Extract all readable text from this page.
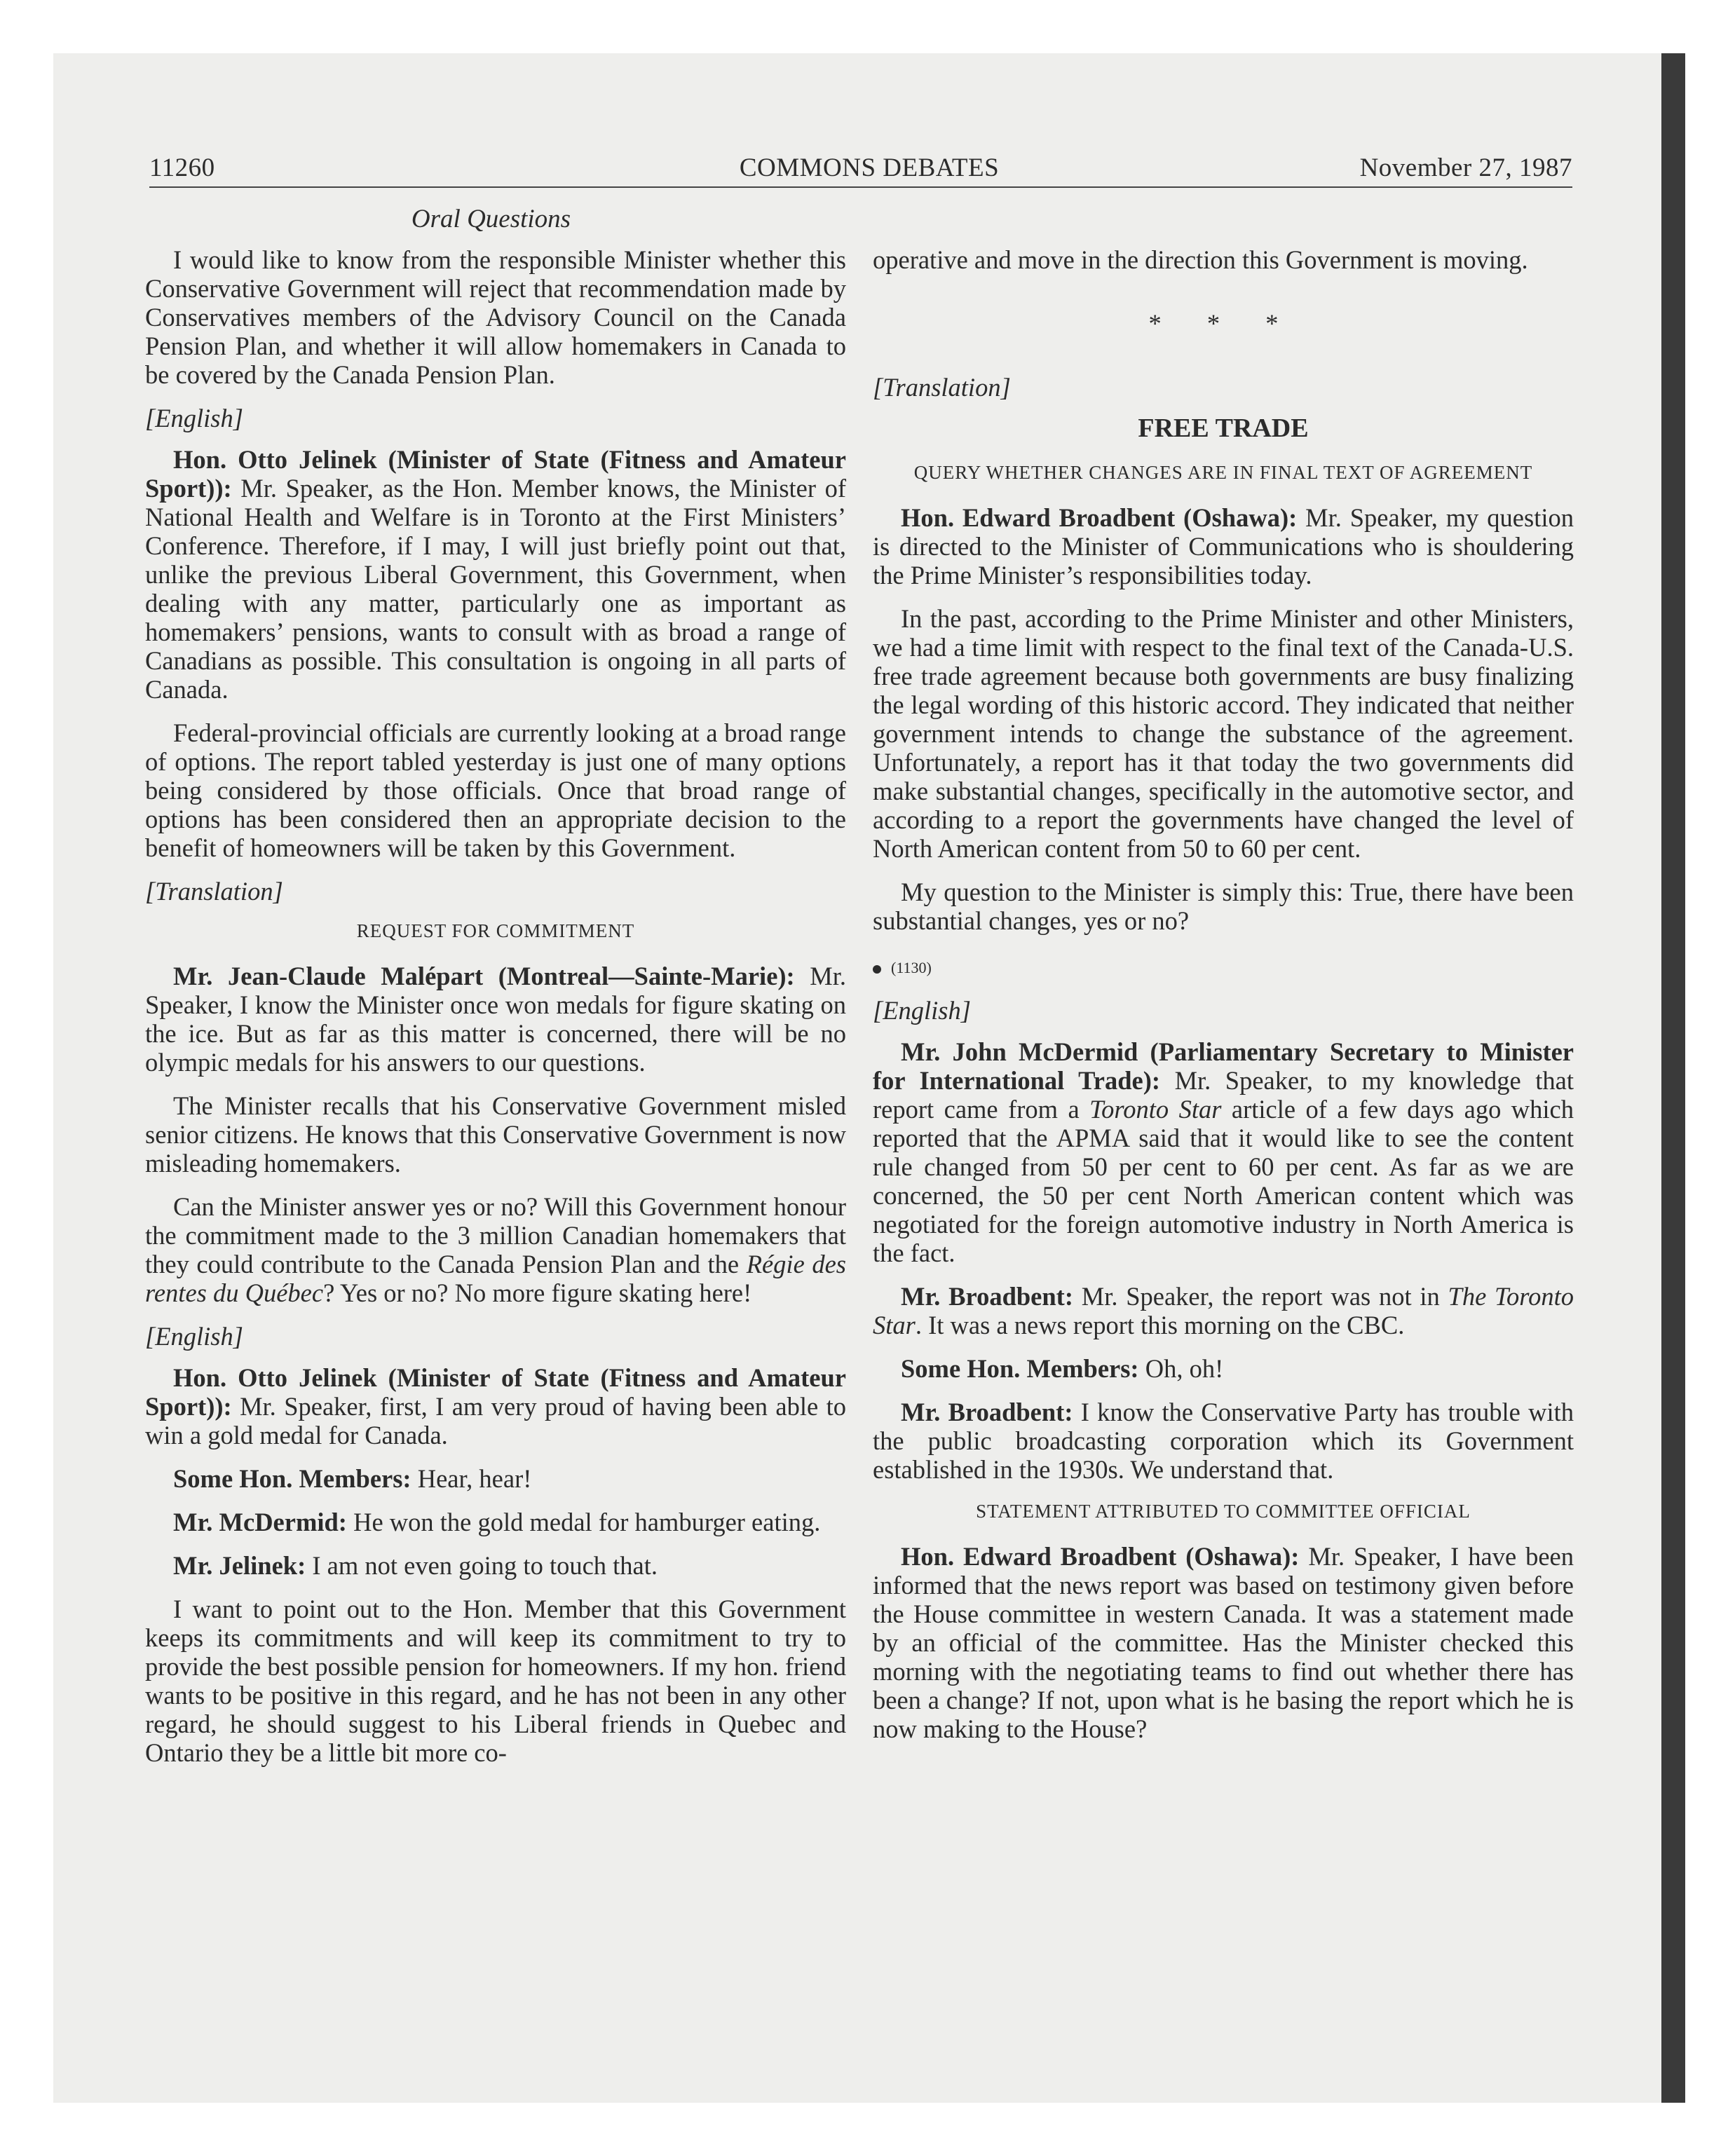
11260	COMMONS DEBATES	November 27, 1987
Oral Questions

I would like to know from the responsible Minister whether this Conservative Government will reject that recommendation made by Conservatives members of the Advisory Council on the Canada Pension Plan, and whether it will allow homemakers in Canada to be covered by the Canada Pension Plan.

[English]

Hon. Otto Jelinek (Minister of State (Fitness and Amateur Sport)): Mr. Speaker, as the Hon. Member knows, the Minister of National Health and Welfare is in Toronto at the First Ministers’ Conference. Therefore, if I may, I will just briefly point out that, unlike the previous Liberal Government, this Government, when dealing with any matter, particularly one as important as homemakers’ pensions, wants to consult with as broad a range of Canadians as possible. This consultation is ongoing in all parts of Canada.

Federal-provincial officials are currently looking at a broad range of options. The report tabled yesterday is just one of many options being considered by those officials. Once that broad range of options has been considered then an appropriate decision to the benefit of homeowners will be taken by this Government.

[Translation]

REQUEST FOR COMMITMENT

Mr. Jean-Claude Malépart (Montreal—Sainte-Marie): Mr. Speaker, I know the Minister once won medals for figure skating on the ice. But as far as this matter is concerned, there will be no olympic medals for his answers to our questions.

The Minister recalls that his Conservative Government misled senior citizens. He knows that this Conservative Government is now misleading homemakers.

Can the Minister answer yes or no? Will this Government honour the commitment made to the 3 million Canadian homemakers that they could contribute to the Canada Pension Plan and the Régie des rentes du Québec? Yes or no? No more figure skating here!

[English]

Hon. Otto Jelinek (Minister of State (Fitness and Amateur Sport)): Mr. Speaker, first, I am very proud of having been able to win a gold medal for Canada.

Some Hon. Members: Hear, hear!

Mr. McDermid: He won the gold medal for hamburger eating.

Mr. Jelinek: I am not even going to touch that.

I want to point out to the Hon. Member that this Government keeps its commitments and will keep its commitment to try to provide the best possible pension for homeowners. If my hon. friend wants to be positive in this regard, and he has not been in any other regard, he should suggest to his Liberal friends in Quebec and Ontario they be a little bit more co-

operative and move in the direction this Government is moving.

* * *

[Translation]

FREE TRADE

QUERY WHETHER CHANGES ARE IN FINAL TEXT OF AGREEMENT

Hon. Edward Broadbent (Oshawa): Mr. Speaker, my question is directed to the Minister of Communications who is shouldering the Prime Minister’s responsibilities today.

In the past, according to the Prime Minister and other Ministers, we had a time limit with respect to the final text of the Canada-U.S. free trade agreement because both governments are busy finalizing the legal wording of this historic accord. They indicated that neither government intends to change the substance of the agreement. Unfortunately, a report has it that today the two governments did make substantial changes, specifically in the automotive sector, and according to a report the governments have changed the level of North American content from 50 to 60 per cent.

My question to the Minister is simply this: True, there have been substantial changes, yes or no?

(1130)

[English]

Mr. John McDermid (Parliamentary Secretary to Minister for International Trade): Mr. Speaker, to my knowledge that report came from a Toronto Star article of a few days ago which reported that the APMA said that it would like to see the content rule changed from 50 per cent to 60 per cent. As far as we are concerned, the 50 per cent North American content which was negotiated for the foreign automotive industry in North America is the fact.

Mr. Broadbent: Mr. Speaker, the report was not in The Toronto Star. It was a news report this morning on the CBC.

Some Hon. Members: Oh, oh!

Mr. Broadbent: I know the Conservative Party has trouble with the public broadcasting corporation which its Government established in the 1930s. We understand that.

STATEMENT ATTRIBUTED TO COMMITTEE OFFICIAL

Hon. Edward Broadbent (Oshawa): Mr. Speaker, I have been informed that the news report was based on testimony given before the House committee in western Canada. It was a statement made by an official of the committee. Has the Minister checked this morning with the negotiating teams to find out whether there has been a change? If not, upon what is he basing the report which he is now making to the House?
